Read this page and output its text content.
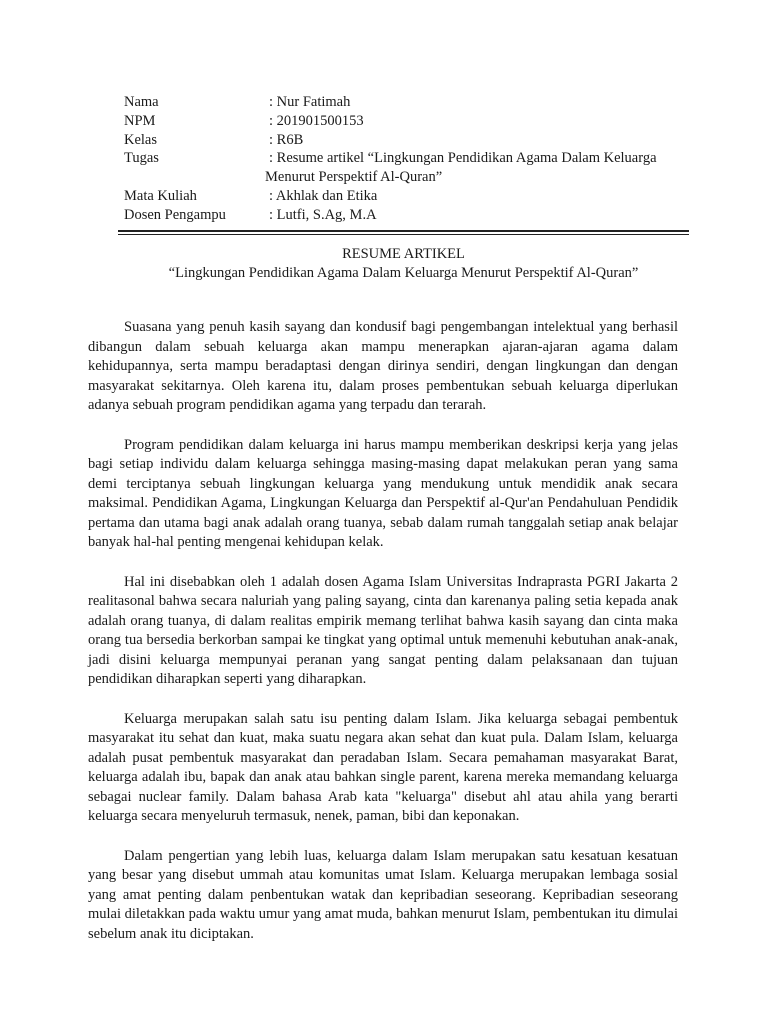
Nama	: Nur Fatimah
NPM	: 201901500153
Kelas	: R6B
Tugas	: Resume artikel “Lingkungan Pendidikan Agama Dalam Keluarga
Menurut Perspektif Al-Quran”
Mata Kuliah	: Akhlak dan Etika
Dosen Pengampu	: Lutfi, S.Ag, M.A
RESUME ARTIKEL
“Lingkungan Pendidikan Agama Dalam Keluarga Menurut Perspektif Al-Quran”

Suasana yang penuh kasih sayang dan kondusif bagi pengembangan intelektual yang berhasil dibangun dalam sebuah keluarga akan mampu menerapkan ajaran-ajaran agama dalam kehidupannya, serta mampu beradaptasi dengan dirinya sendiri, dengan lingkungan dan dengan masyarakat sekitarnya. Oleh karena itu, dalam proses pembentukan sebuah keluarga diperlukan adanya sebuah program pendidikan agama yang terpadu dan terarah.

Program pendidikan dalam keluarga ini harus mampu memberikan deskripsi kerja yang jelas bagi setiap individu dalam keluarga sehingga masing-masing dapat melakukan peran yang sama demi terciptanya sebuah lingkungan keluarga yang mendukung untuk mendidik anak secara maksimal. Pendidikan Agama, Lingkungan Keluarga dan Perspektif al-Qur'an Pendahuluan Pendidik pertama dan utama bagi anak adalah orang tuanya, sebab dalam rumah tanggalah setiap anak belajar banyak hal-hal penting mengenai kehidupan kelak.

Hal ini disebabkan oleh 1 adalah dosen Agama Islam Universitas Indraprasta PGRI Jakarta 2 realitasonal bahwa secara naluriah yang paling sayang, cinta dan karenanya paling setia kepada anak adalah orang tuanya, di dalam realitas empirik memang terlihat bahwa kasih sayang dan cinta maka orang tua bersedia berkorban sampai ke tingkat yang optimal untuk memenuhi kebutuhan anak-anak, jadi disini keluarga mempunyai peranan yang sangat penting dalam pelaksanaan dan tujuan pendidikan diharapkan seperti yang diharapkan.

Keluarga merupakan salah satu isu penting dalam Islam. Jika keluarga sebagai pembentuk masyarakat itu sehat dan kuat, maka suatu negara akan sehat dan kuat pula. Dalam Islam, keluarga adalah pusat pembentuk masyarakat dan peradaban Islam. Secara pemahaman masyarakat Barat, keluarga adalah ibu, bapak dan anak atau bahkan single parent, karena mereka memandang keluarga sebagai nuclear family. Dalam bahasa Arab kata "keluarga" disebut ahl atau ahila yang berarti keluarga secara menyeluruh termasuk, nenek, paman, bibi dan keponakan.

Dalam pengertian yang lebih luas, keluarga dalam Islam merupakan satu kesatuan kesatuan yang besar yang disebut ummah atau komunitas umat Islam. Keluarga merupakan lembaga sosial yang amat penting dalam penbentukan watak dan kepribadian seseorang. Kepribadian seseorang mulai diletakkan pada waktu umur yang amat muda, bahkan menurut Islam, pembentukan itu dimulai sebelum anak itu diciptakan.
